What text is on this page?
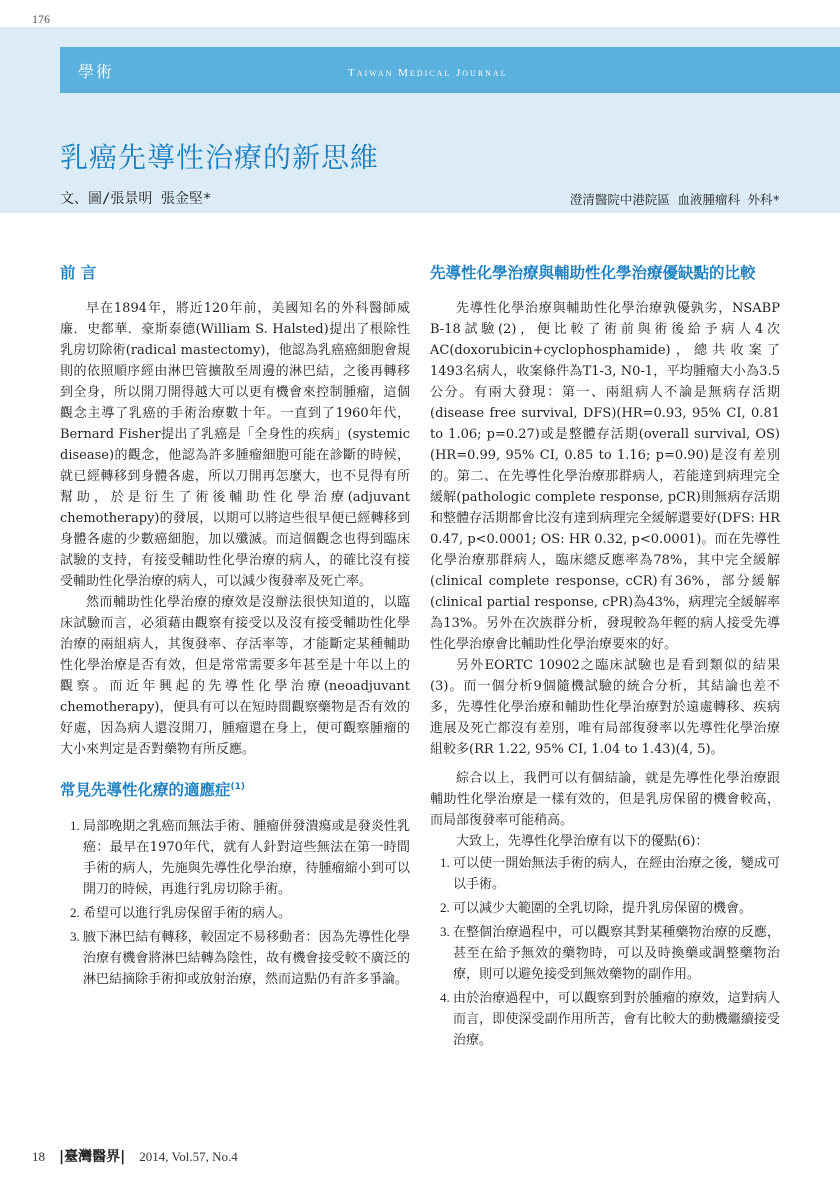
176
學術	Taiwan Medical Journal
乳癌先導性治療的新思維
文、圖/張景明 張金堅*	澄清醫院中港院區 血液腫瘤科 外科*
前 言

早在1894年，將近120年前，美國知名的外科醫師威廉．史都華．豪斯泰德(William S. Halsted)提出了根除性乳房切除術(radical mastectomy)，他認為乳癌癌細胞會規則的依照順序經由淋巴管擴散至周邊的淋巴結，之後再轉移到全身，所以開刀開得越大可以更有機會來控制腫瘤，這個觀念主導了乳癌的手術治療數十年。一直到了1960年代，Bernard Fisher提出了乳癌是「全身性的疾病」(systemic disease)的觀念，他認為許多腫瘤細胞可能在診斷的時候，就已經轉移到身體各處，所以刀開再怎麼大，也不見得有所幫助，於是衍生了術後輔助性化學治療(adjuvant chemotherapy)的發展，以期可以將這些很早便已經轉移到身體各處的少數癌細胞，加以殲滅。而這個觀念也得到臨床試驗的支持，有接受輔助性化學治療的病人，的確比沒有接受輔助性化學治療的病人，可以減少復發率及死亡率。

然而輔助性化學治療的療效是沒辦法很快知道的，以臨床試驗而言，必須藉由觀察有接受以及沒有接受輔助性化學治療的兩組病人，其復發率、存活率等，才能斷定某種輔助性化學治療是否有效，但是常常需要多年甚至是十年以上的觀察。而近年興起的先導性化學治療(neoadjuvant chemotherapy)，便具有可以在短時間觀察藥物是否有效的好處，因為病人還沒開刀，腫瘤還在身上，便可觀察腫瘤的大小來判定是否對藥物有所反應。

常見先導性化療的適應症$^{(1)}$
1. 局部晚期之乳癌而無法手術、腫瘤併發潰瘍或是發炎性乳癌：最早在1970年代，就有人針對這些無法在第一時間手術的病人，先施與先導性化學治療，待腫瘤縮小到可以開刀的時候，再進行乳房切除手術。
2. 希望可以進行乳房保留手術的病人。
3. 腋下淋巴結有轉移，較固定不易移動者：因為先導性化學治療有機會將淋巴結轉為陰性，故有機會接受較不廣泛的淋巴結摘除手術抑或放射治療，然而這點仍有許多爭論。
先導性化學治療與輔助性化學治療優缺點的比較

先導性化學治療與輔助性化學治療孰優孰劣，NSABP B-18試驗(2)，便比較了術前與術後給予病人4次AC(doxorubicin+cyclophosphamide)，總共收案了1493名病人，收案條件為T1-3, N0-1，平均腫瘤大小為3.5公分。有兩大發現：第一、兩組病人不論是無病存活期(disease free survival, DFS)(HR=0.93, 95% CI, 0.81 to 1.06; p=0.27)或是整體存活期(overall survival, OS)(HR=0.99, 95% CI, 0.85 to 1.16; p=0.90)是沒有差別的。第二、在先導性化學治療那群病人，若能達到病理完全緩解(pathologic complete response, pCR)則無病存活期和整體存活期都會比沒有達到病理完全緩解還要好(DFS: HR 0.47, p<0.0001; OS: HR 0.32, p<0.0001)。而在先導性化學治療那群病人，臨床總反應率為78%，其中完全緩解(clinical complete response, cCR)有36%，部分緩解(clinical partial response, cPR)為43%，病理完全緩解率為13%。另外在次族群分析，發現較為年輕的病人接受先導性化學治療會比輔助性化學治療要來的好。

另外EORTC 10902之臨床試驗也是看到類似的結果(3)。而一個分析9個隨機試驗的統合分析，其結論也差不多，先導性化學治療和輔助性化學治療對於遠處轉移、疾病進展及死亡都沒有差別，唯有局部復發率以先導性化學治療組較多(RR 1.22, 95% CI, 1.04 to 1.43)(4, 5)。

綜合以上，我們可以有個結論，就是先導性化學治療跟輔助性化學治療是一樣有效的，但是乳房保留的機會較高，而局部復發率可能稍高。

大致上，先導性化學治療有以下的優點(6)：

1. 可以使一開始無法手術的病人，在經由治療之後，變成可以手術。
2. 可以減少大範圍的全乳切除，提升乳房保留的機會。
3. 在整個治療過程中，可以觀察其對某種藥物治療的反應，甚至在給予無效的藥物時，可以及時換藥或調整藥物治療，則可以避免接受到無效藥物的副作用。
4. 由於治療過程中，可以觀察到對於腫瘤的療效，這對病人而言，即使深受副作用所苦，會有比較大的動機繼續接受治療。
18 |臺灣醫界| 2014, Vol.57, No.4
